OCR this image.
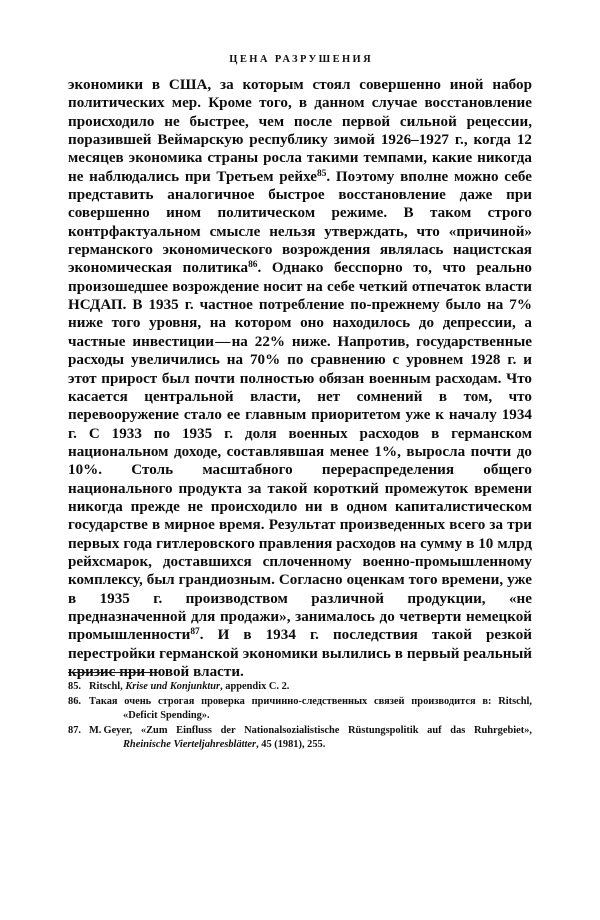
ЦЕНА РАЗРУШЕНИЯ

экономики в США, за которым стоял совершенно иной набор политических мер. Кроме того, в данном случае восстановление происходило не быстрее, чем после первой сильной рецессии, поразившей Веймарскую республику зимой 1926–1927 г., когда 12 месяцев экономика страны росла такими темпами, какие никогда не наблюдались при Третьем рейхе$^{85}$. Поэтому вполне можно себе представить аналогичное быстрое восстановление даже при совершенно ином политическом режиме. В таком строго контрфактуальном смысле нельзя утверждать, что «причиной» германского экономического возрождения являлась нацистская экономическая политика$^{86}$. Однако бесспорно то, что реально произошедшее возрождение носит на себе четкий отпечаток власти НСДАП. В 1935 г. частное потребление по-прежнему было на 7% ниже того уровня, на котором оно находилось до депрессии, а частные инвестиции — на 22% ниже. Напротив, государственные расходы увеличились на 70% по сравнению с уровнем 1928 г. и этот прирост был почти полностью обязан военным расходам. Что касается центральной власти, нет сомнений в том, что перевооружение стало ее главным приоритетом уже к началу 1934 г. С 1933 по 1935 г. доля военных расходов в германском национальном доходе, составлявшая менее 1%, выросла почти до 10%. Столь масштабного перераспределения общего национального продукта за такой короткий промежуток времени никогда прежде не происходило ни в одном капиталистическом государстве в мирное время. Результат произведенных всего за три первых года гитлеровского правления расходов на сумму в 10 млрд рейхсмарок, доставшихся сплоченному военно-промышленному комплексу, был грандиозным. Согласно оценкам того времени, уже в 1935 г. производством различной продукции, «не предназначенной для продажи», занималось до четверти немецкой промышленности$^{87}$. И в 1934 г. последствия такой резкой перестройки германской экономики вылились в первый реальный кризис при новой власти.

85. Ritschl, Krise und Konjunktur, appendix C. 2.

86. Такая очень строгая проверка причинно-следственных связей производится в: Ritschl, «Deficit Spending».

87. M. Geyer, «Zum Einfluss der Nationalsozialistische Rüstungspolitik auf das Ruhrgebiet», Rheinische Vierteljahresblätter, 45 (1981), 255.
